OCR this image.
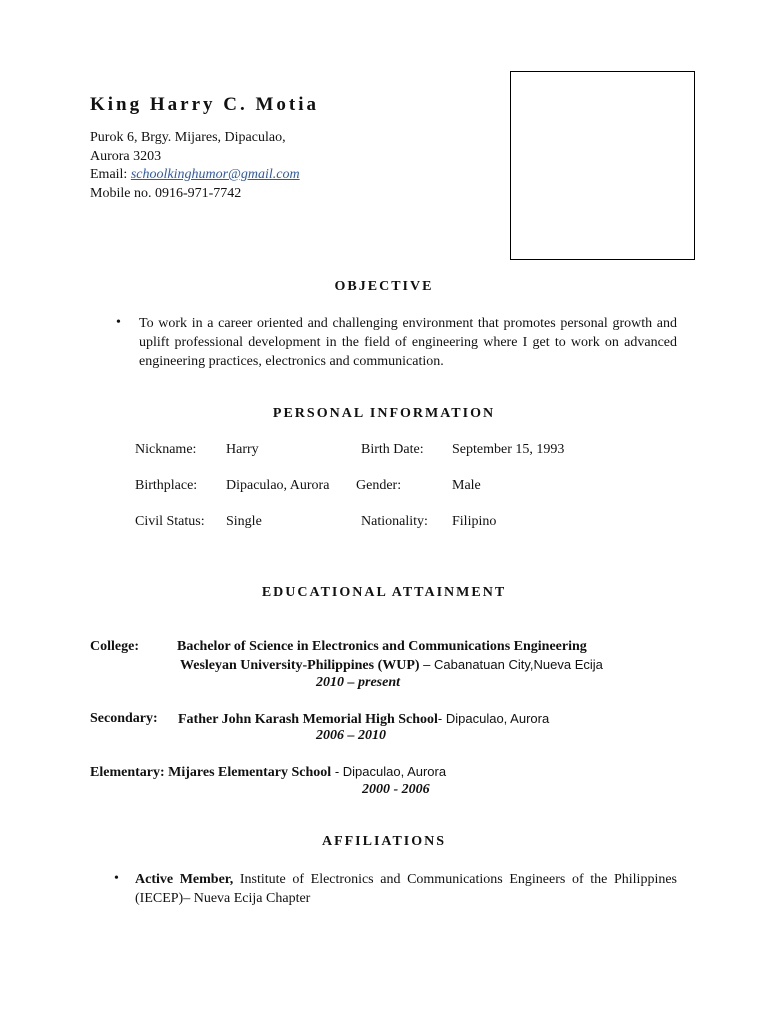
King Harry C. Motia
Purok 6, Brgy. Mijares, Dipaculao,
Aurora 3203
Email: schoolkinghumor@gmail.com
Mobile no. 0916-971-7742
OBJECTIVE
• To work in a career oriented and challenging environment that promotes personal growth and uplift professional development in the field of engineering where I get to work on advanced engineering practices, electronics and communication.
PERSONAL INFORMATION
Nickname: Harry	Birth Date: September 15, 1993
Birthplace: Dipaculao, Aurora Gender:	Male
Civil Status: Single	Nationality: Filipino
EDUCATIONAL ATTAINMENT
College:	Bachelor of Science in Electronics and Communications Engineering
Wesleyan University-Philippines (WUP) – Cabanatuan City,Nueva Ecija
2010 – present
Secondary: Father John Karash Memorial High School- Dipaculao, Aurora
2006 – 2010
Elementary: Mijares Elementary School - Dipaculao, Aurora
2000 - 2006
AFFILIATIONS
• Active Member, Institute of Electronics and Communications Engineers of the Philippines (IECEP)– Nueva Ecija Chapter
